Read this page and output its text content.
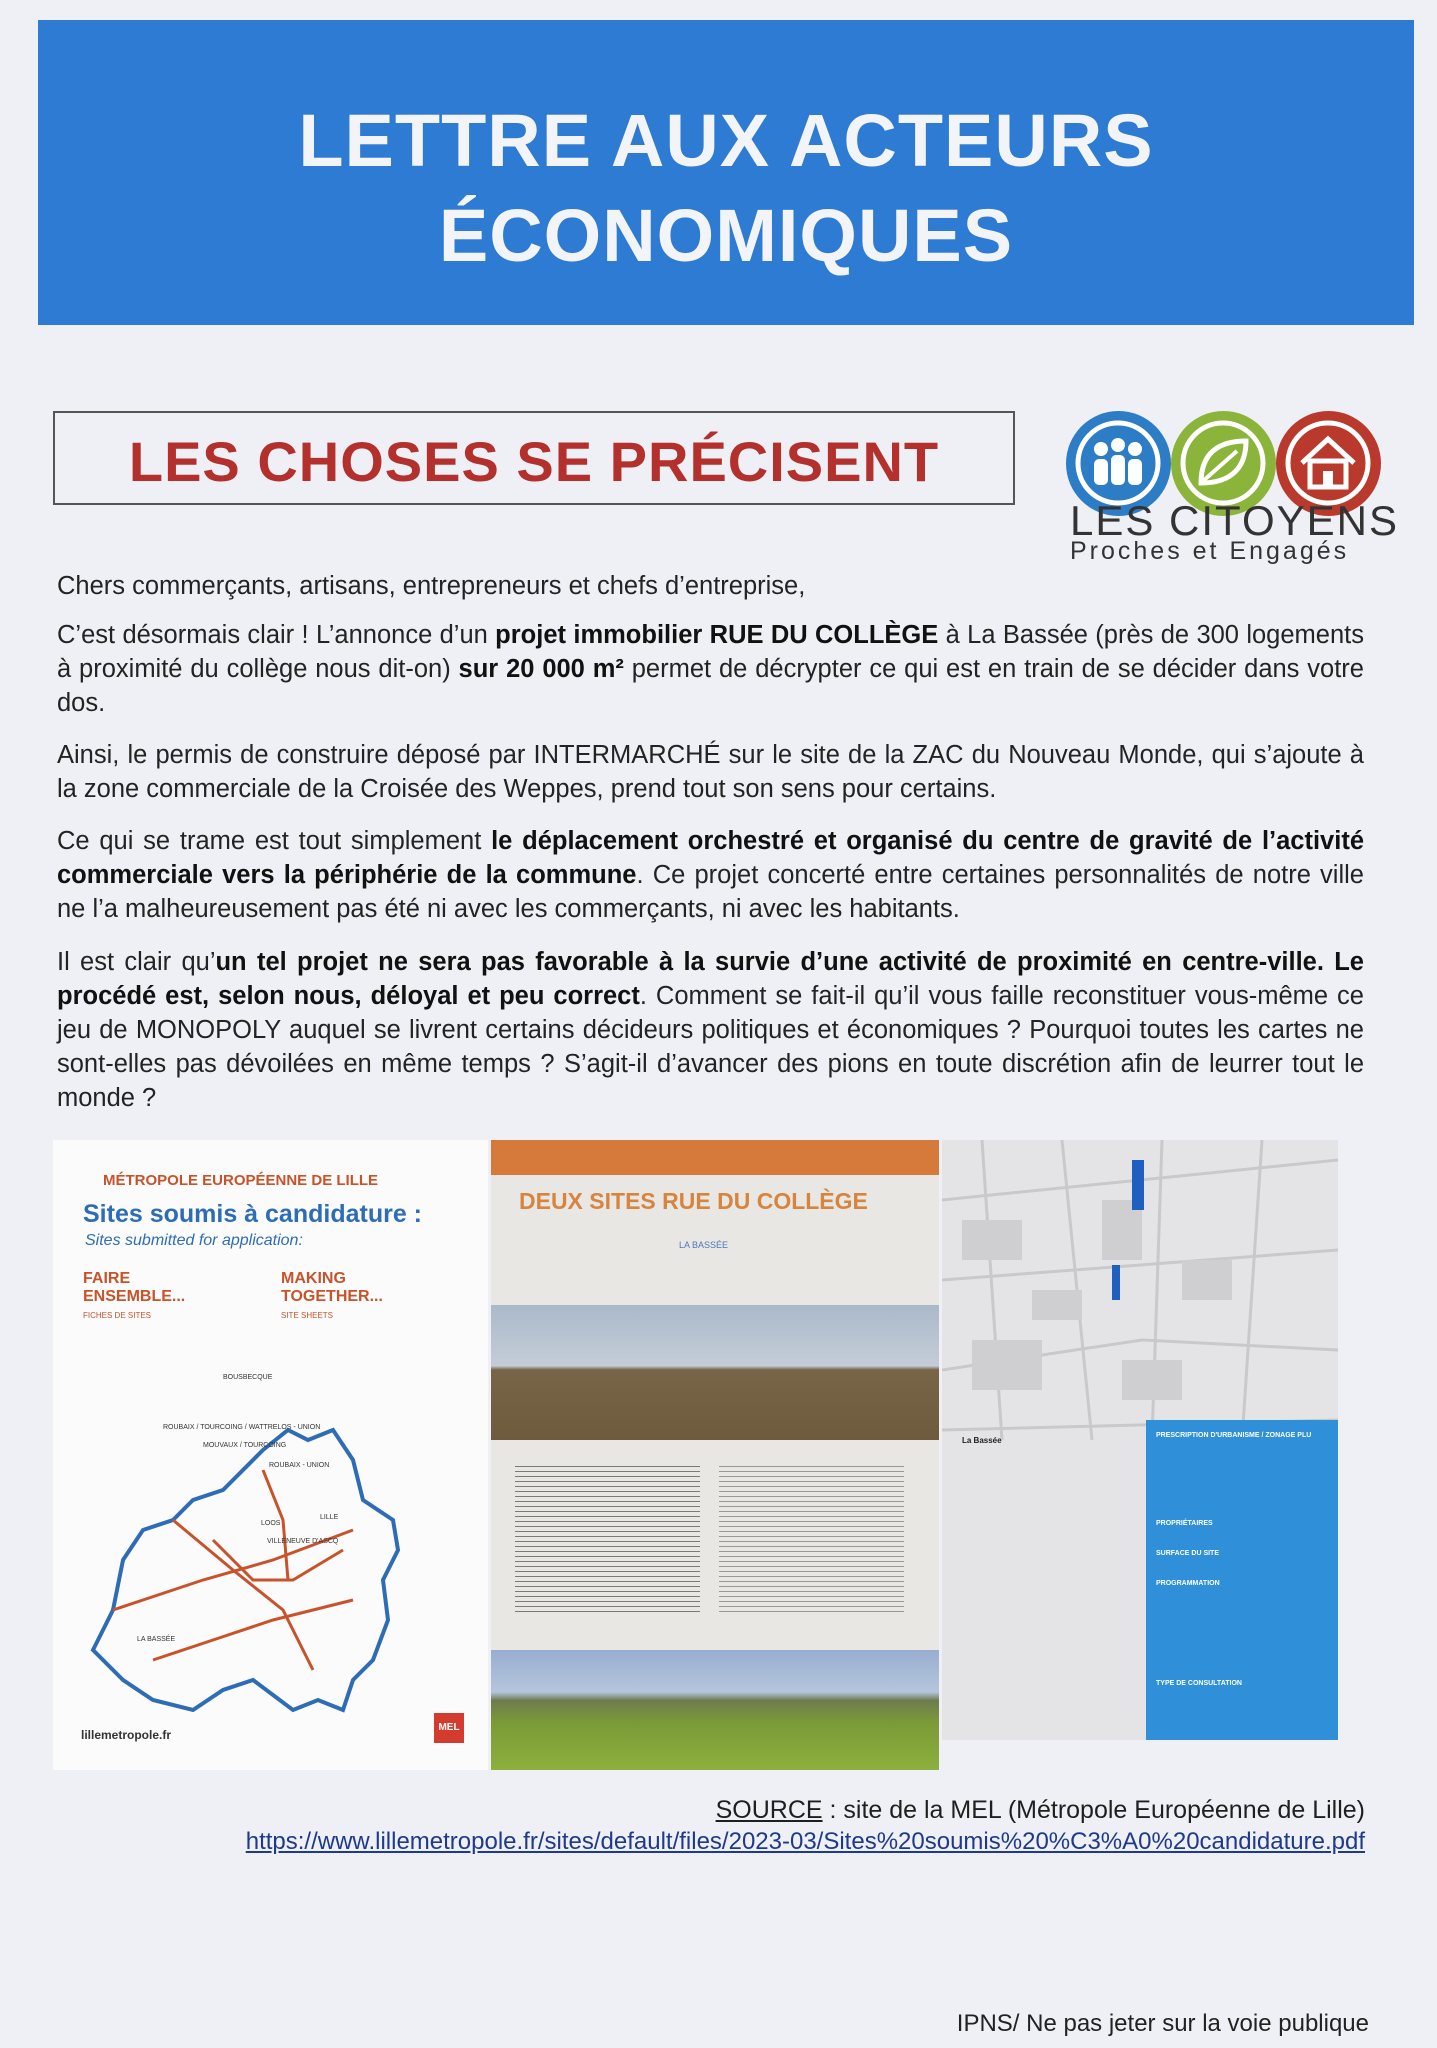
LETTRE AUX ACTEURS
ÉCONOMIQUES
LES CHOSES SE PRÉCISENT
LES CITOYENS
Proches et Engagés

Chers commerçants, artisans, entrepreneurs et chefs d’entreprise,

C’est désormais clair ! L’annonce d’un projet immobilier RUE DU COLLÈGE à La Bassée (près de 300 logements à proximité du collège nous dit-on) sur 20 000 m² permet de décrypter ce qui est en train de se décider dans votre dos.

Ainsi, le permis de construire déposé par INTERMARCHÉ sur le site de la ZAC du Nouveau Monde, qui s’ajoute à la zone commerciale de la Croisée des Weppes, prend tout son sens pour certains.

Ce qui se trame est tout simplement le déplacement orchestré et organisé du centre de gravité de l’activité commerciale vers la périphérie de la commune. Ce projet concerté entre certaines personnalités de notre ville ne l’a malheureusement pas été ni avec les commerçants, ni avec les habitants.

Il est clair qu’un tel projet ne sera pas favorable à la survie d’une activité de proximité en centre-ville. Le procédé est, selon nous, déloyal et peu correct. Comment se fait-il qu’il vous faille reconstituer vous-même ce jeu de MONOPOLY auquel se livrent certains décideurs politiques et économiques ? Pourquoi toutes les cartes ne sont-elles pas dévoilées en même temps ? S’agit-il d’avancer des pions en toute discrétion afin de leurrer tout le monde ?

MÉTROPOLE EUROPÉENNE DE LILLE
Sites soumis à candidature :
Sites submitted for application:
FAIRE ENSEMBLE...
FICHES DE SITES
MAKING TOGETHER...
SITE SHEETS
BOUSBECQUE
ROUBAIX / TOURCOING / WATTRELOS - UNION
MOUVAUX / TOURCOING
ROUBAIX - UNION
LOOS
LILLE
VILLENEUVE D'ASCQ
LA BASSÉE
lillemetropole.fr
MEL
DEUX SITES RUE DU COLLÈGE
LA BASSÉE
La Bassée
PRESCRIPTION D'URBANISME / ZONAGE PLU
PROPRIÉTAIRES
SURFACE DU SITE
PROGRAMMATION
TYPE DE CONSULTATION
SOURCE : site de la MEL (Métropole Européenne de Lille)
https://www.lillemetropole.fr/sites/default/files/2023-03/Sites%20soumis%20%C3%A0%20candidature.pdf
IPNS/ Ne pas jeter sur la voie publique
